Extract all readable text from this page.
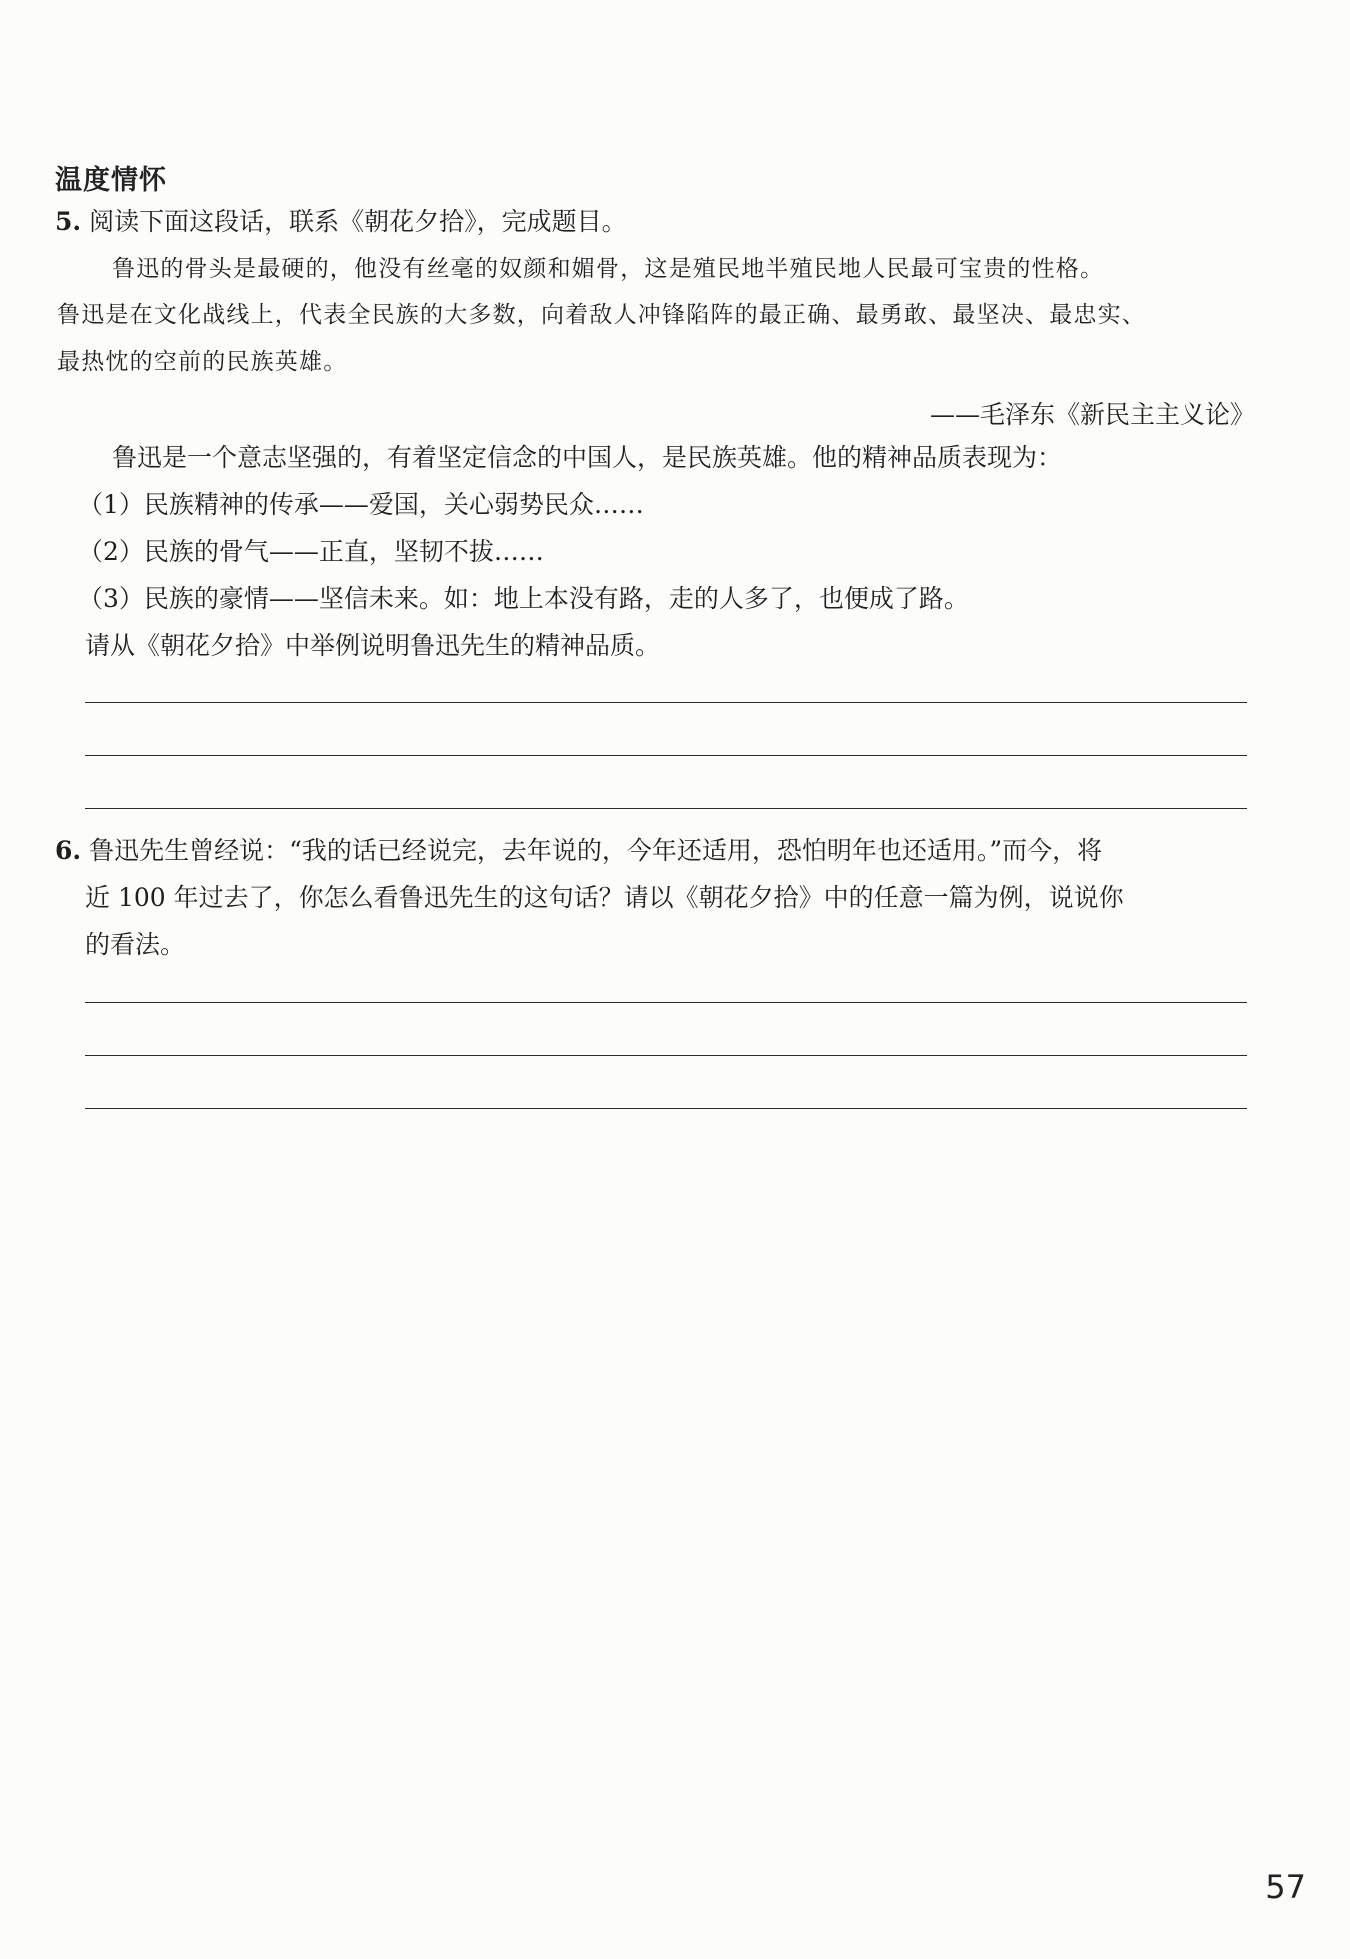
温度情怀
5. 阅读下面这段话，联系《朝花夕拾》，完成题目。
鲁迅的骨头是最硬的，他没有丝毫的奴颜和媚骨，这是殖民地半殖民地人民最可宝贵的性格。
鲁迅是在文化战线上，代表全民族的大多数，向着敌人冲锋陷阵的最正确、最勇敢、最坚决、最忠实、
最热忱的空前的民族英雄。
——毛泽东《新民主主义论》
鲁迅是一个意志坚强的，有着坚定信念的中国人，是民族英雄。他的精神品质表现为：
（1）民族精神的传承——爱国，关心弱势民众……
（2）民族的骨气——正直，坚韧不拔……
（3）民族的豪情——坚信未来。如：地上本没有路，走的人多了，也便成了路。
请从《朝花夕拾》中举例说明鲁迅先生的精神品质。
6. 鲁迅先生曾经说：“我的话已经说完，去年说的，今年还适用，恐怕明年也还适用。”而今，将
近 100 年过去了，你怎么看鲁迅先生的这句话？请以《朝花夕拾》中的任意一篇为例，说说你
的看法。
57
